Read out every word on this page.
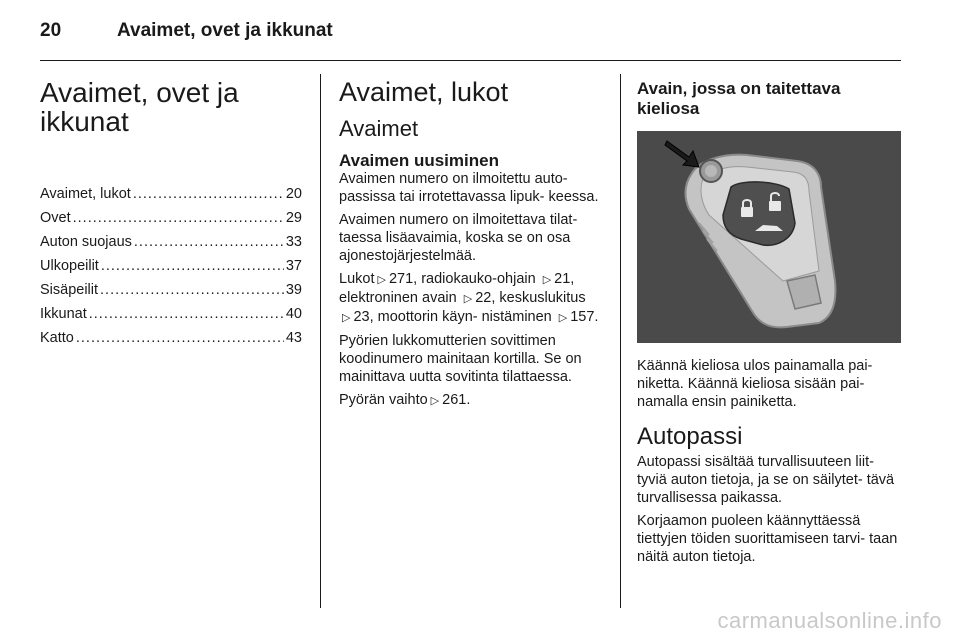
20	Avaimet, ovet ja ikkunat
Avaimet, ovet ja ikkunat
Avaimet, lukot .....	20
Ovet .....	29
Auton suojaus .....	33
Ulkopeilit .....	37
Sisäpeilit .....	39
Ikkunat .....	40
Katto .....	43
Avaimet, lukot
Avaimet
Avaimen uusiminen

Avaimen numero on ilmoitettu auto- passissa tai irrotettavassa lipuk- keessa.

Avaimen numero on ilmoitettava tilat- taessa lisäavaimia, koska se on osa ajonestojärjestelmää.

Lukot ▷ 271, radiokauko-ohjain ▷ 21, elektroninen avain ▷ 22, keskuslukitus ▷ 23, moottorin käyn- nistäminen ▷ 157.

Pyörien lukkomutterien sovittimen koodinumero mainitaan kortilla. Se on mainittava uutta sovitinta tilattaessa.

Pyörän vaihto ▷ 261.

Avain, jossa on taitettava kieliosa

Käännä kieliosa ulos painamalla pai- niketta. Käännä kieliosa sisään pai- namalla ensin painiketta.

Autopassi

Autopassi sisältää turvallisuuteen liit- tyviä auton tietoja, ja se on säilytet- tävä turvallisessa paikassa.

Korjaamon puoleen käännyttäessä tiettyjen töiden suorittamiseen tarvi- taan näitä auton tietoja.

carmanualsonline.info
